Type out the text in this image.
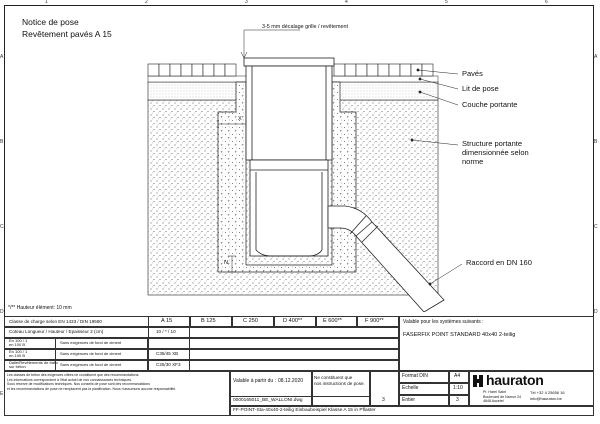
1	2	3	4	5	6
A
B
C
D
E
A
B
C
D
Notice de pose
Revêtement pavés A 15
3-5 mm décalage grille / revêtement
Pavés
Lit de pose
Couche portante
Structure portante
dimensionnée selon
norme
Raccord en DN 160
X
N
*/** Hauteur élément: 10 mm
Classe de charge selon EN 1433 / DIN 19580	A 15	B 125	C 250	D 400**	E 600**	F 900**
Coteau Longueur / Hauteur / Epaisseur 2 (cm)	10 / * / 10
En 100 / 1
en 100 B	Sans exigences de fond de ciment
En 100 / 1
en 100 B	Sans exigences de fond de ciment	C35/45 XB
Dalle/Revêtements de trafic
sur béton	Sans exigences de fond de ciment	C25/30 XF3
Valable pour les systèmes suivants :
FASERFIX POINT STANDARD 40x40 2-teilig
Les classes de béton des exigences citées ne constituent que des recommandations.
Les informations correspondent à l'état actuel de nos connaissances techniques.
Sous réserve de modifications techniques. Nos conseils de pose sont des recommandations
et les recommandations de pose ne remplacent pas la planification. Nous n'assumons aucune responsabilité.
Valable à partir du : 08.12.2020
Ne constituent que
nos instructions de pose.
3
0000165011_BE_WALLONI.dwg
Format DIN	A4
Echelle	1:10
Entier	3
hauraton
Pr. Harel Saint
Boulevard de Namur 24
4848 Ascelet
Tél +32 4 25656 16
info@hauraton.be
FF-POINT-Sta-40x40-2-teilig Einbaubeispiel Klasse A 15 in Pflaster
